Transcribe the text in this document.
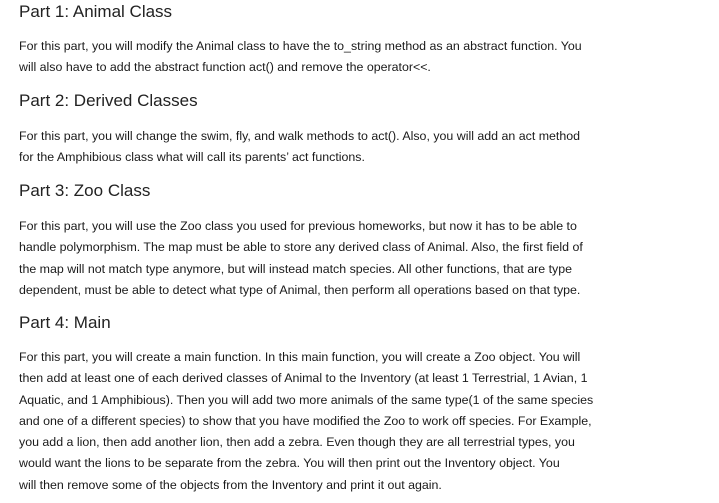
Part 1: Animal Class

For this part, you will modify the Animal class to have the to_string method as an abstract function. You
will also have to add the abstract function act() and remove the operator<<.

Part 2: Derived Classes

For this part, you will change the swim, fly, and walk methods to act(). Also, you will add an act method
for the Amphibious class what will call its parents’ act functions.

Part 3: Zoo Class

For this part, you will use the Zoo class you used for previous homeworks, but now it has to be able to
handle polymorphism. The map must be able to store any derived class of Animal. Also, the first field of
the map will not match type anymore, but will instead match species. All other functions, that are type
dependent, must be able to detect what type of Animal, then perform all operations based on that type.

Part 4: Main

For this part, you will create a main function. In this main function, you will create a Zoo object. You will
then add at least one of each derived classes of Animal to the Inventory (at least 1 Terrestrial, 1 Avian, 1
Aquatic, and 1 Amphibious). Then you will add two more animals of the same type(1 of the same species
and one of a different species) to show that you have modified the Zoo to work off species. For Example,
you add a lion, then add another lion, then add a zebra. Even though they are all terrestrial types, you
would want the lions to be separate from the zebra. You will then print out the Inventory object. You
will then remove some of the objects from the Inventory and print it out again.
